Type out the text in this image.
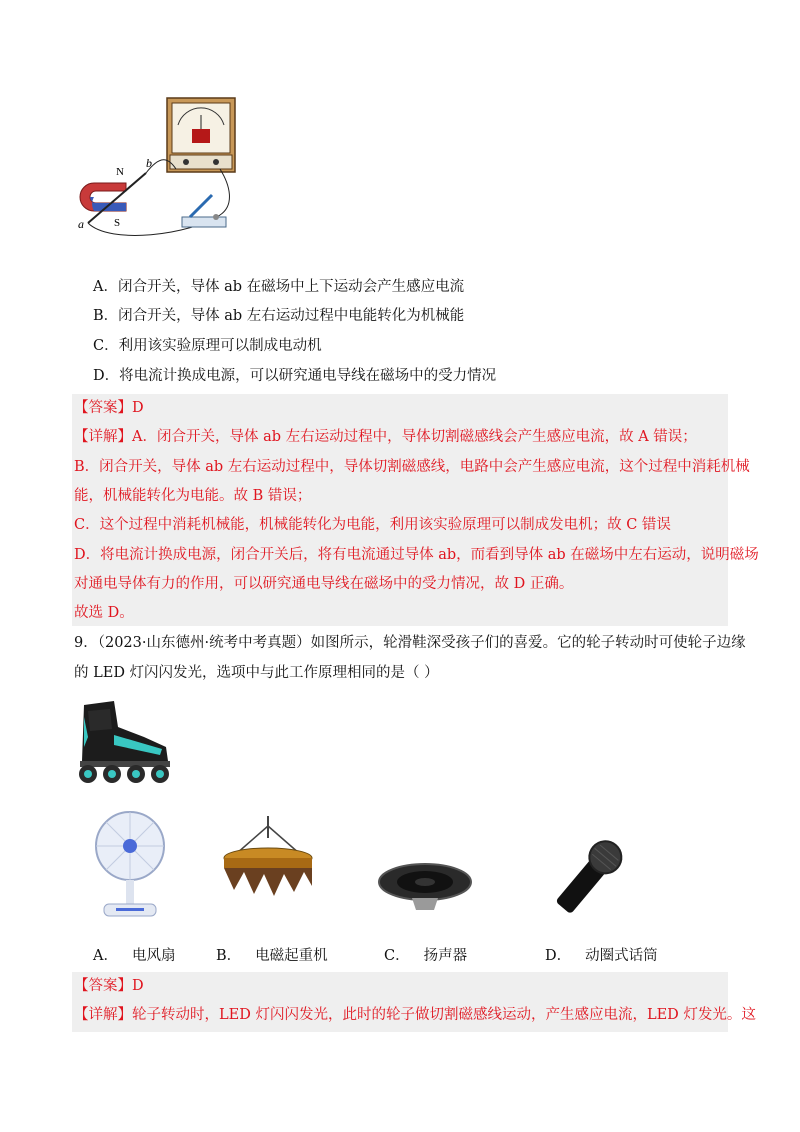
N
S
a
b
A．闭合开关，导体 ab 在磁场中上下运动会产生感应电流
B．闭合开关，导体 ab 左右运动过程中电能转化为机械能
C．利用该实验原理可以制成电动机
D．将电流计换成电源，可以研究通电导线在磁场中的受力情况
【答案】D
【详解】A．闭合开关，导体 ab 左右运动过程中，导体切割磁感线会产生感应电流，故 A 错误；
B．闭合开关，导体 ab 左右运动过程中，导体切割磁感线，电路中会产生感应电流，这个过程中消耗机械
能，机械能转化为电能。故 B 错误；
C．这个过程中消耗机械能，机械能转化为电能，利用该实验原理可以制成发电机；故 C 错误
D．将电流计换成电源，闭合开关后，将有电流通过导体 ab，而看到导体 ab 在磁场中左右运动，说明磁场
对通电导体有力的作用，可以研究通电导线在磁场中的受力情况，故 D 正确。
故选 D。
9．（2023·山东德州·统考中考真题）如图所示，轮滑鞋深受孩子们的喜爱。它的轮子转动时可使轮子边缘
的 LED 灯闪闪发光，选项中与此工作原理相同的是（ ）
A． 电风扇	B． 电磁起重机	C． 扬声器	D． 动圈式话筒
【答案】D
【详解】轮子转动时，LED 灯闪闪发光，此时的轮子做切割磁感线运动，产生感应电流，LED 灯发光。这
